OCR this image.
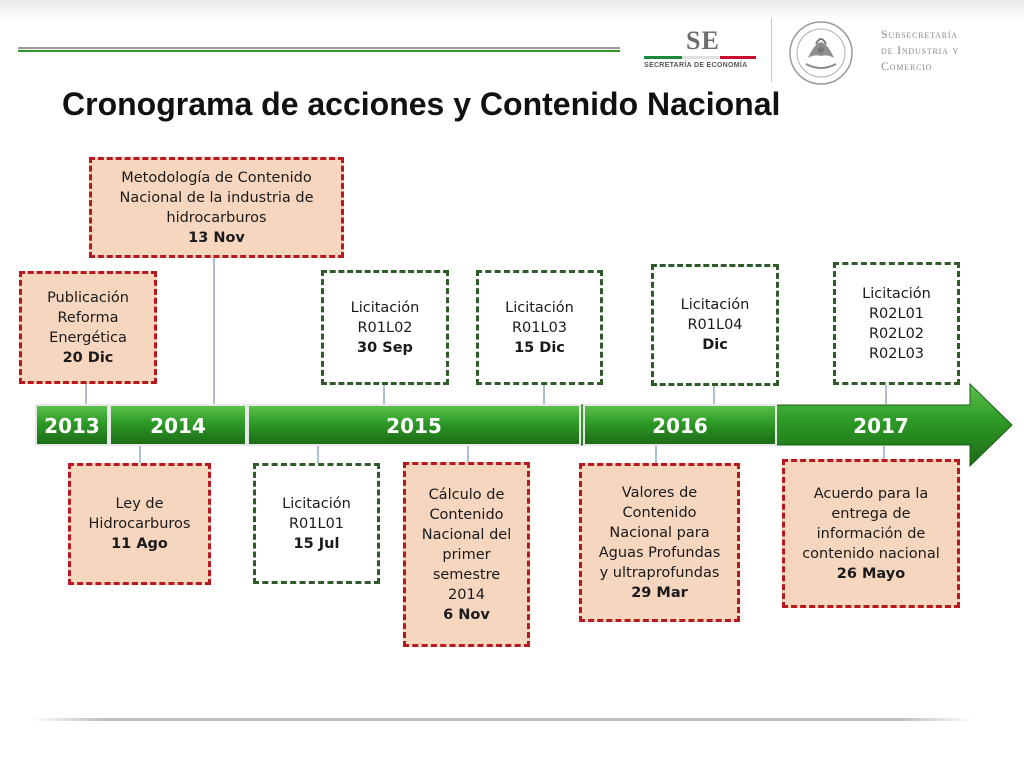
SE
SECRETARÍA DE ECONOMÍA
Subsecretaría
de Industria y
Comercio
Cronograma de acciones y Contenido Nacional
2013	2014	2015	2016	2017
Publicación
Reforma
Energética
20 Dic
Metodología de Contenido
Nacional de la industria de
hidrocarburos
13 Nov
Licitación
R01L02
30 Sep
Licitación
R01L03
15 Dic
Licitación
R01L04
Dic
Licitación
R02L01
R02L02
R02L03
Ley de
Hidrocarburos
11 Ago
Licitación
R01L01
15 Jul
Cálculo de
Contenido
Nacional del
primer
semestre
2014
6 Nov
Valores de
Contenido
Nacional para
Aguas Profundas
y ultraprofundas
29 Mar
Acuerdo para la
entrega de
información de
contenido nacional
26 Mayo
